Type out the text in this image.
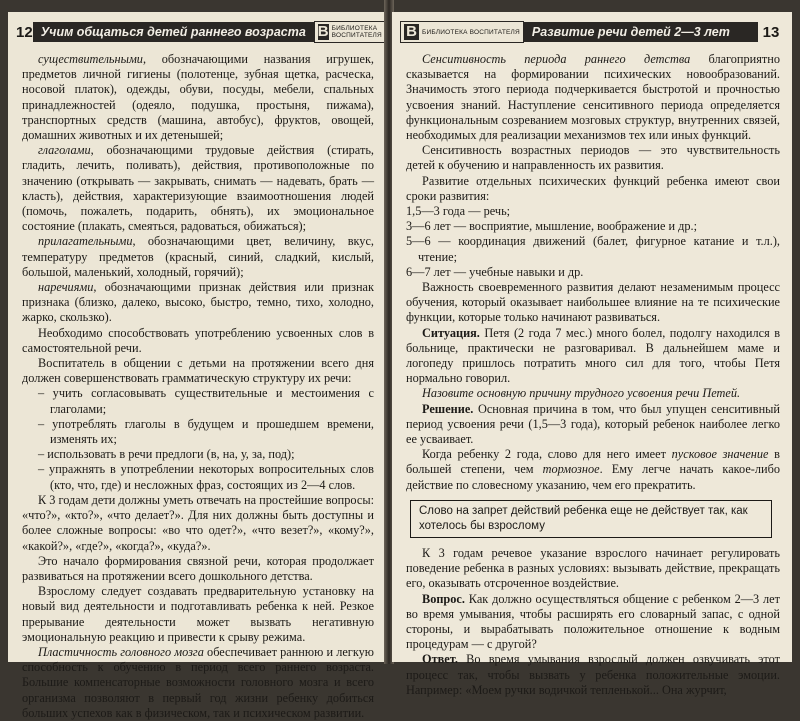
12 Учим общаться детей раннего возраста В БИБЛИОТЕКА ВОСПИТАТЕЛЯ

существительными, обозначающими названия игрушек, предметов личной гигиены (полотенце, зубная щетка, расческа, носовой платок), одежды, обуви, посуды, мебели, спальных принадлежностей (одеяло, подушка, простыня, пижама), транспортных средств (машина, автобус), фруктов, овощей, домашних животных и их детенышей;

глаголами, обозначающими трудовые действия (стирать, гладить, лечить, поливать), действия, противоположные по значению (открывать — закрывать, снимать — надевать, брать — класть), действия, характеризующие взаимоотношения людей (помочь, пожалеть, подарить, обнять), их эмоциональное состояние (плакать, смеяться, радоваться, обижаться);

прилагательными, обозначающими цвет, величину, вкус, температуру предметов (красный, синий, сладкий, кислый, большой, маленький, холодный, горячий);

наречиями, обозначающими признак действия или признак признака (близко, далеко, высоко, быстро, темно, тихо, холодно, жарко, скользко).

Необходимо способствовать употреблению усвоенных слов в самостоятельной речи.

Воспитатель в общении с детьми на протяжении всего дня должен совершенствовать грамматическую структуру их речи:

– учить согласовывать существительные и местоимения с глаголами;
– употреблять глаголы в будущем и прошедшем времени, изменять их;
– использовать в речи предлоги (в, на, у, за, под);
– упражнять в употреблении некоторых вопросительных слов (кто, что, где) и несложных фраз, состоящих из 2—4 слов.

К 3 годам дети должны уметь отвечать на простейшие вопросы: «что?», «кто?», «что делает?». Для них должны быть доступны и более сложные вопросы: «во что одет?», «что везет?», «кому?», «какой?», «где?», «когда?», «куда?».

Это начало формирования связной речи, которая продолжает развиваться на протяжении всего дошкольного детства.

Взрослому следует создавать предварительную установку на новый вид деятельности и подготавливать ребенка к ней. Резкое прерывание деятельности может вызвать негативную эмоциональную реакцию и привести к срыву режима.

Пластичность головного мозга обеспечивает раннюю и легкую способность к обучению в период всего раннего возраста. Большие компенсаторные возможности головного мозга и всего организма позволяют в первый год жизни ребенку добиться больших успехов как в физическом, так и психическом развитии.

В БИБЛИОТЕКА ВОСПИТАТЕЛЯ Развитие речи детей 2—3 лет	13

Сенситивность периода раннего детства благоприятно сказывается на формировании психических новообразований. Значимость этого периода подчеркивается быстротой и прочностью усвоения знаний. Наступление сенситивного периода определяется функциональным созреванием мозговых структур, внутренних связей, необходимых для реализации механизмов тех или иных функций.

Сенситивность возрастных периодов — это чувствительность детей к обучению и направленность их развития.

Развитие отдельных психических функций ребенка имеют свои сроки развития:

1,5—3 года — речь;

3—6 лет — восприятие, мышление, воображение и др.;

5—6 — координация движений (балет, фигурное катание и т.л.), чтение;

6—7 лет — учебные навыки и др.

Важность своевременного развития делают незаменимым процесс обучения, который оказывает наибольшее влияние на те психические функции, которые только начинают развиваться.

Ситуация. Петя (2 года 7 мес.) много болел, подолгу находился в больнице, практически не разговаривал. В дальнейшем маме и логопеду пришлось потратить много сил для того, чтобы Петя нормально говорил.

Назовите основную причину трудного усвоения речи Петей.

Решение. Основная причина в том, что был упущен сенситивный период усвоения речи (1,5—3 года), который ребенок наиболее легко ее усваивает.

Когда ребенку 2 года, слово для него имеет пусковое значение в большей степени, чем тормозное. Ему легче начать какое-либо действие по словесному указанию, чем его прекратить.

Слово на запрет действий ребенка еще не действует так, как хотелось бы взрослому

К 3 годам речевое указание взрослого начинает регулировать поведение ребенка в разных условиях: вызывать действие, прекращать его, оказывать отсроченное воздействие.

Вопрос. Как должно осуществляться общение с ребенком 2—3 лет во время умывания, чтобы расширять его словарный запас, с одной стороны, и вырабатывать положительное отношение к водным процедурам — с другой?

Ответ. Во время умывания взрослый должен озвучивать этот процесс так, чтобы вызвать у ребенка положительные эмоции. Например: «Моем ручки водичкой тепленькой... Она журчит,
